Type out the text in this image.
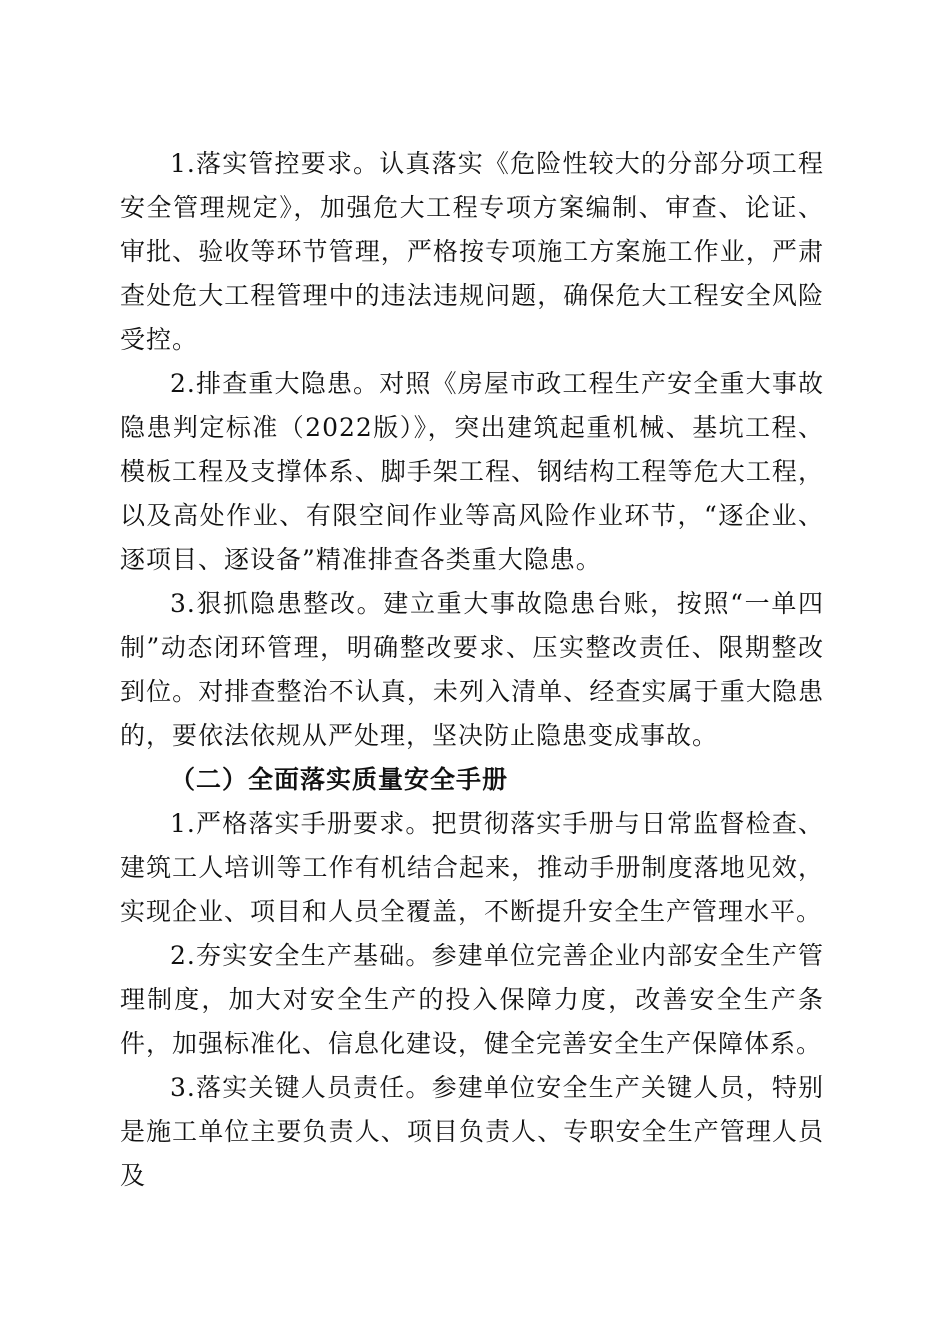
1.落实管控要求。认真落实《危险性较大的分部分项工程安全管理规定》，加强危大工程专项方案编制、审查、论证、审批、验收等环节管理，严格按专项施工方案施工作业，严肃查处危大工程管理中的违法违规问题，确保危大工程安全风险受控。

2.排查重大隐患。对照《房屋市政工程生产安全重大事故隐患判定标准（2022版）》，突出建筑起重机械、基坑工程、模板工程及支撑体系、脚手架工程、钢结构工程等危大工程，以及高处作业、有限空间作业等高风险作业环节，“逐企业、逐项目、逐设备”精准排查各类重大隐患。

3.狠抓隐患整改。建立重大事故隐患台账，按照“一单四制”动态闭环管理，明确整改要求、压实整改责任、限期整改到位。对排查整治不认真，未列入清单、经查实属于重大隐患的，要依法依规从严处理，坚决防止隐患变成事故。

（二）全面落实质量安全手册

1.严格落实手册要求。把贯彻落实手册与日常监督检查、建筑工人培训等工作有机结合起来，推动手册制度落地见效，实现企业、项目和人员全覆盖，不断提升安全生产管理水平。

2.夯实安全生产基础。参建单位完善企业内部安全生产管理制度，加大对安全生产的投入保障力度，改善安全生产条件，加强标准化、信息化建设，健全完善安全生产保障体系。

3.落实关键人员责任。参建单位安全生产关键人员，特别是施工单位主要负责人、项目负责人、专职安全生产管理人员及
